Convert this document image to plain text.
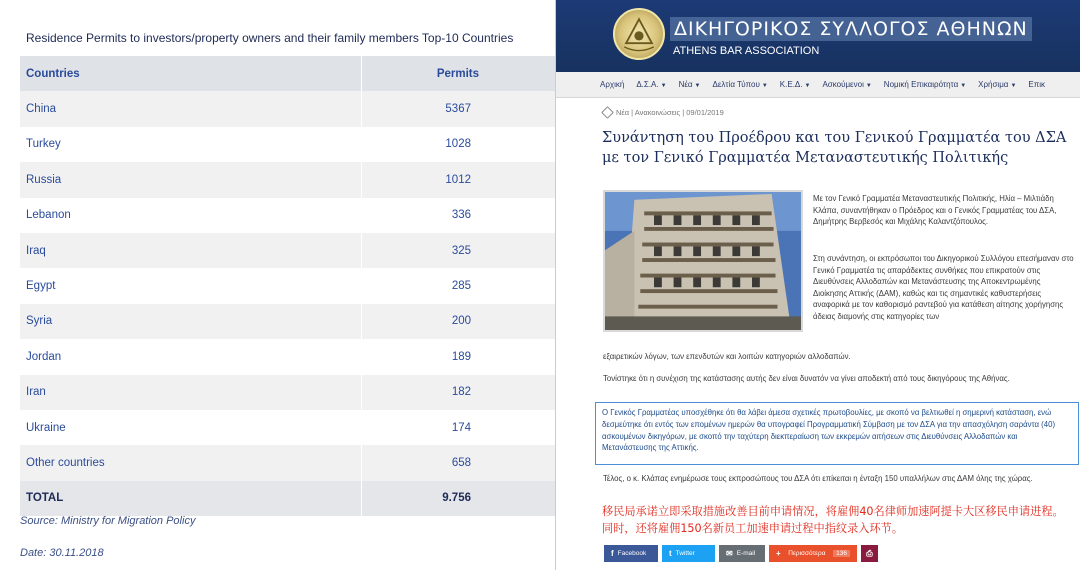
Residence Permits to investors/property owners and their family members Top-10 Countries
Countries	Permits
China	5367
Turkey	1028
Russia	1012
Lebanon	336
Iraq	325
Egypt	285
Syria	200
Jordan	189
Iran	182
Ukraine	174
Other countries	658
TOTAL	9.756
Source: Ministry for Migration Policy
Date: 30.11.2018
ΔΙΚΗΓΟΡΙΚΟΣ ΣΥΛΛΟΓΟΣ ΑΘΗΝΩΝ
ATHENS BAR ASSOCIATION
Αρχική Δ.Σ.Α. ▼ Νέα ▼ Δελτία Τύπου ▼ Κ.Ε.Δ. ▼ Ασκούμενοι ▼ Νομική Επικαιρότητα ▼ Χρήσιμα ▼ Επικ
Νέα | Ανακοινώσεις | 09/01/2019
Συνάντηση του Προέδρου και του Γενικού Γραμματέα του ΔΣΑ με τον Γενικό Γραμματέα Μεταναστευτικής Πολιτικής
Με τον Γενικό Γραμματέα Μεταναστευτικής Πολιτικής, Ηλία – Μιλτιάδη Κλάπα, συναντήθηκαν ο Πρόεδρος και ο Γενικός Γραμματέας του ΔΣΑ, Δημήτρης Βερβεσός και Μιχάλης Καλαντζόπουλος.
Στη συνάντηση, οι εκπρόσωποι του Δικηγορικού Συλλόγου επεσήμαναν στο Γενικό Γραμματέα τις απαράδεκτες συνθήκες που επικρατούν στις Διευθύνσεις Αλλοδαπών και Μετανάστευσης της Αποκεντρωμένης Διοίκησης Αττικής (ΔΑΜ), καθώς και τις σημαντικές καθυστερήσεις αναφορικά με τον καθορισμό ραντεβού για κατάθεση αίτησης χορήγησης άδειας διαμονής στις κατηγορίες των
εξαιρετικών λόγων, των επενδυτών και λοιπών κατηγοριών αλλοδαπών.
Τονίστηκε ότι η συνέχιση της κατάστασης αυτής δεν είναι δυνατόν να γίνει αποδεκτή από τους δικηγόρους της Αθήνας.
Ο Γενικός Γραμματέας υποσχέθηκε ότι θα λάβει άμεσα σχετικές πρωτοβουλίες, με σκοπό να βελτιωθεί η σημερινή κατάσταση, ενώ δεσμεύτηκε ότι εντός των επομένων ημερών θα υπογραφεί Προγραμματική Σύμβαση με τον ΔΣΑ για την απασχόληση σαράντα (40) ασκουμένων δικηγόρων, με σκοπό την ταχύτερη διεκπεραίωση των εκκρεμών αιτήσεων στις Διευθύνσεις Αλλοδαπών και Μετανάστευσης της Αττικής.
Τέλος, ο κ. Κλάπας ενημέρωσε τους εκπροσώπους του ΔΣΑ ότι επίκειται η ένταξη 150 υπαλλήλων στις ΔΑΜ όλης της χώρας.
移民局承诺立即采取措施改善目前申请情况，将雇佣40名律师加速阿提卡大区移民申请进程。同时，还将雇佣150名新员工加速申请过程中指纹录入环节。
f Facebook	t Twitter	✉ E-mail	+ Περισσότερα	136	⎙
